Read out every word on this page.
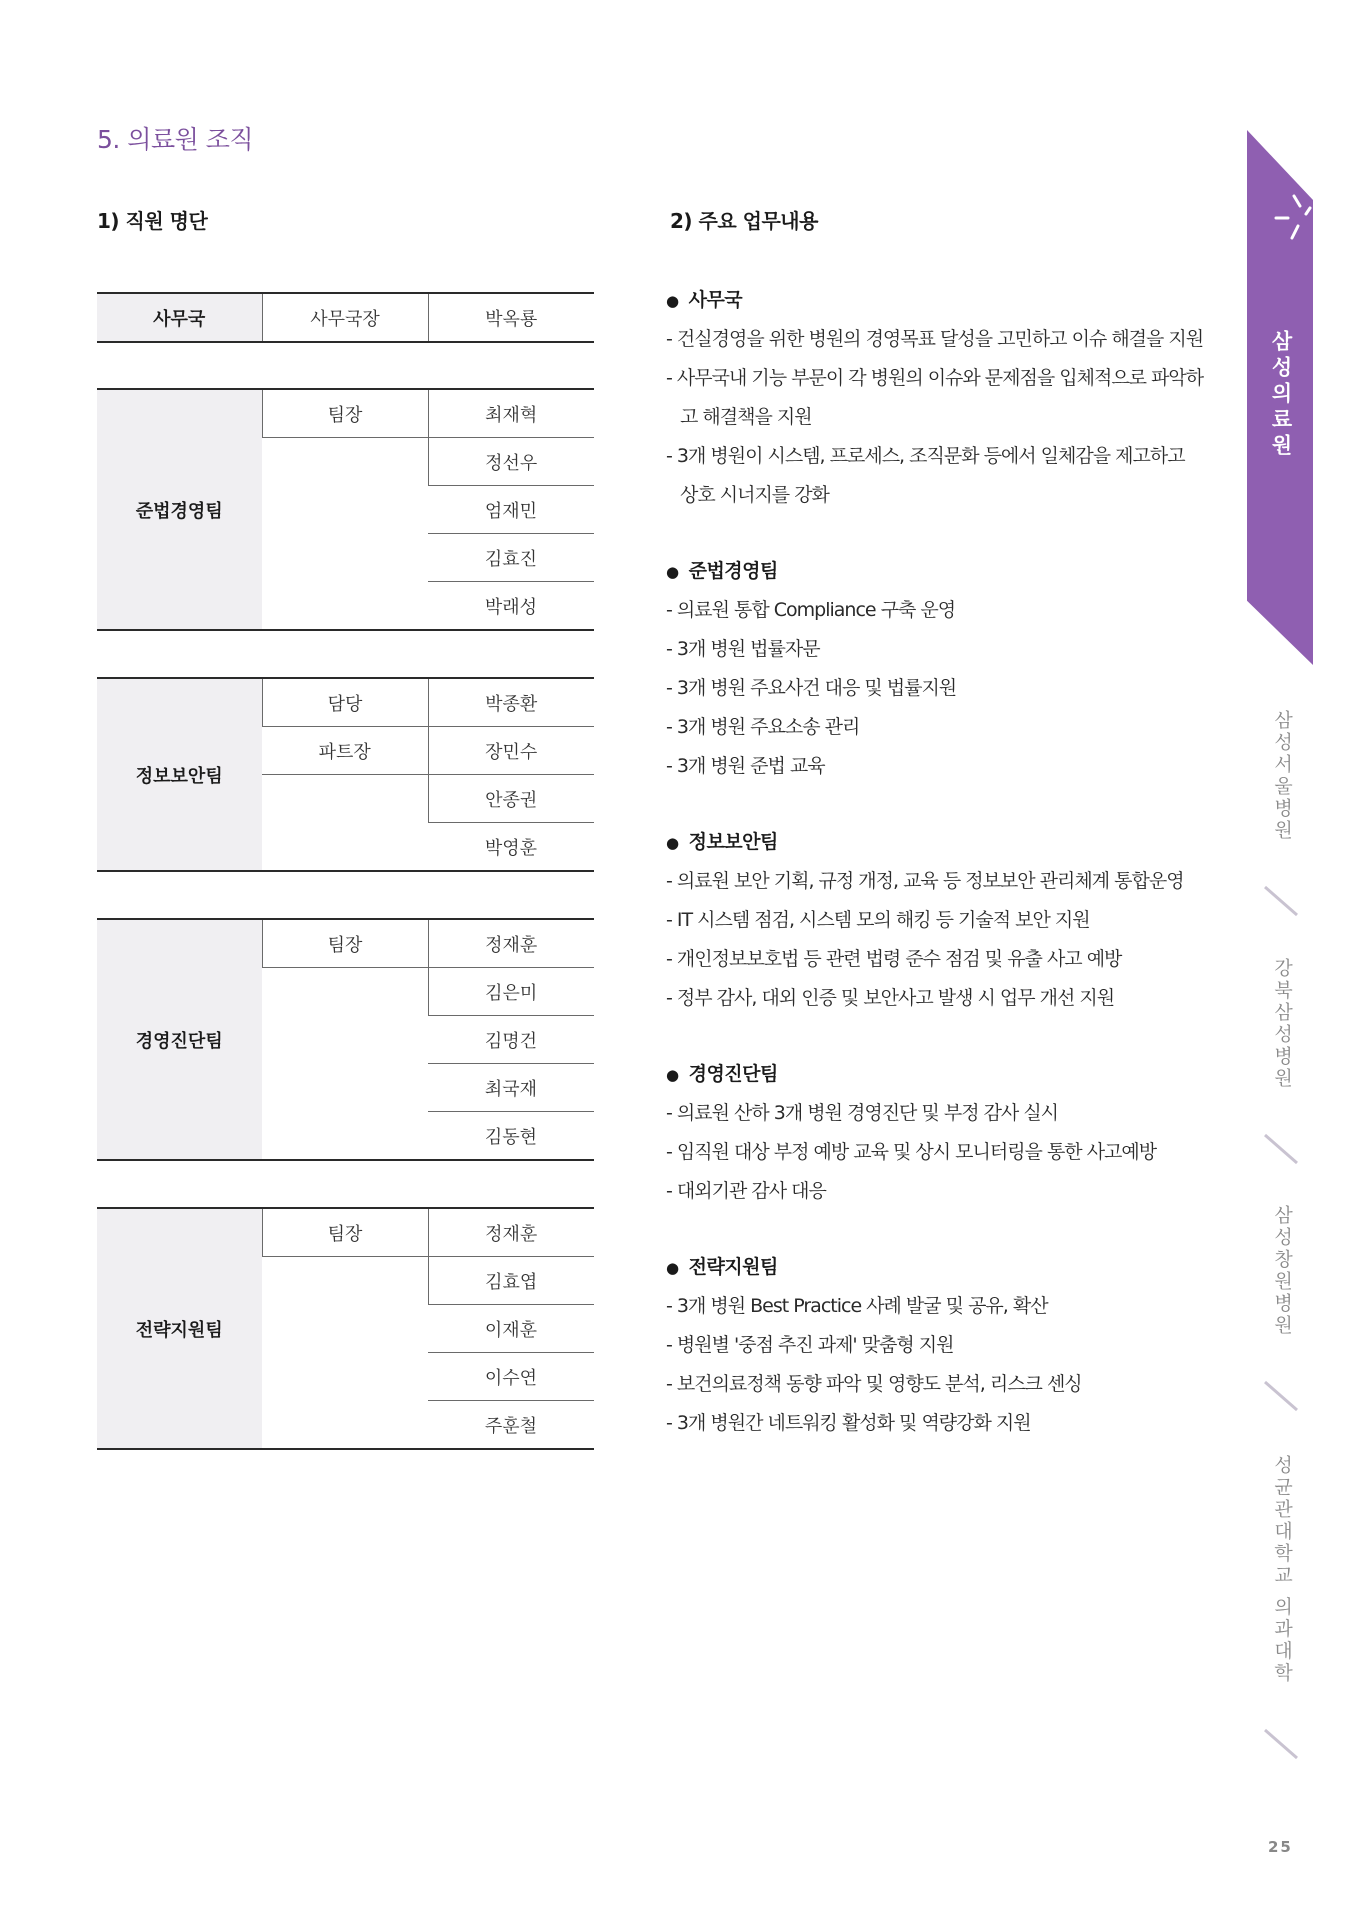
5. 의료원 조직
1) 직원 명단	2) 주요 업무내용
사무국	사무국장	박옥룡
준법경영팀	팀장	최재혁
		정선우
		엄재민
		김효진
		박래성
정보보안팀	담당	박종환
	파트장	장민수
		안종권
		박영훈
경영진단팀	팀장	정재훈
		김은미
		김명건
		최국재
		김동현
전략지원팀	팀장	정재훈
		김효엽
		이재훈
		이수연
		주훈철
● 사무국
- 건실경영을 위한 병원의 경영목표 달성을 고민하고 이슈 해결을 지원
- 사무국내 기능 부문이 각 병원의 이슈와 문제점을 입체적으로 파악하고 해결책을 지원
- 3개 병원이 시스템, 프로세스, 조직문화 등에서 일체감을 제고하고 상호 시너지를 강화
● 준법경영팀
- 의료원 통합 Compliance 구축 운영
- 3개 병원 법률자문
- 3개 병원 주요사건 대응 및 법률지원
- 3개 병원 주요소송 관리
- 3개 병원 준법 교육
● 정보보안팀
- 의료원 보안 기획, 규정 개정, 교육 등 정보보안 관리체계 통합운영
- IT 시스템 점검, 시스템 모의 해킹 등 기술적 보안 지원
- 개인정보보호법 등 관련 법령 준수 점검 및 유출 사고 예방
- 정부 감사, 대외 인증 및 보안사고 발생 시 업무 개선 지원
● 경영진단팀
- 의료원 산하 3개 병원 경영진단 및 부정 감사 실시
- 임직원 대상 부정 예방 교육 및 상시 모니터링을 통한 사고예방
- 대외기관 감사 대응
● 전략지원팀
- 3개 병원 Best Practice 사례 발굴 및 공유, 확산
- 병원별 '중점 추진 과제' 맞춤형 지원
- 보건의료정책 동향 파악 및 영향도 분석, 리스크 센싱
- 3개 병원간 네트워킹 활성화 및 역량강화 지원
삼성의료원
삼성서울병원
강북삼성병원
삼성창원병원
성균관대학교 의과대학
25
